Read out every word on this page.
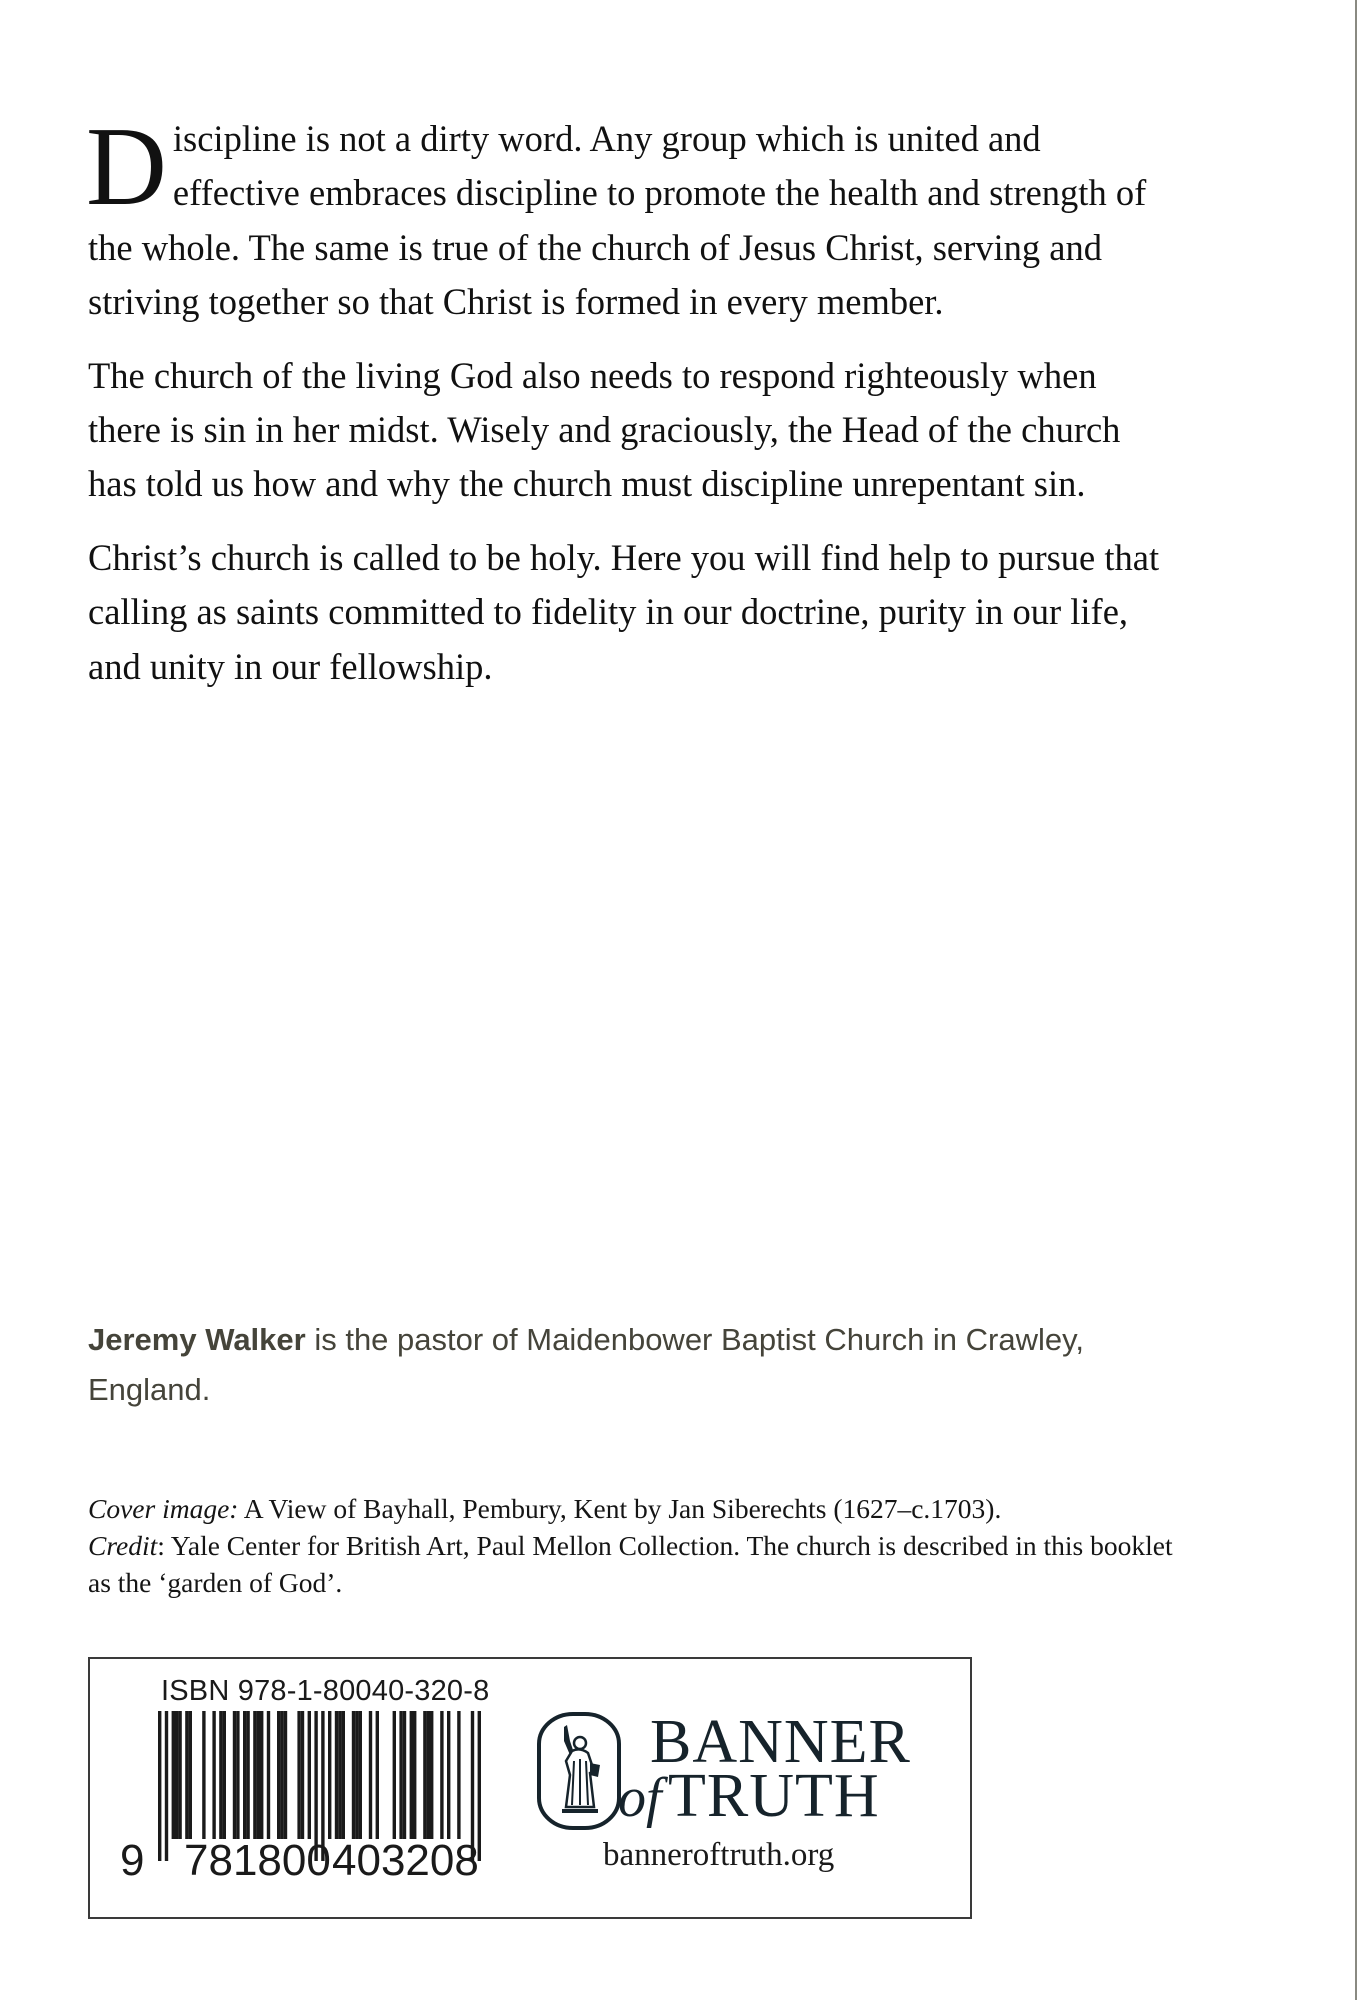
Discipline is not a dirty word. Any group which is united and effective embraces discipline to promote the health and strength of the whole. The same is true of the church of Jesus Christ, serving and striving together so that Christ is formed in every member.

The church of the living God also needs to respond righteously when there is sin in her midst. Wisely and graciously, the Head of the church has told us how and why the church must discipline unrepentant sin.

Christ’s church is called to be holy. Here you will find help to pursue that calling as saints committed to fidelity in our doctrine, purity in our life, and unity in our fellowship.

Jeremy Walker is the pastor of Maidenbower Baptist Church in Crawley, England.
Cover image: A View of Bayhall, Pembury, Kent by Jan Siberechts (1627–c.1703).
Credit: Yale Center for British Art, Paul Mellon Collection. The church is described in this booklet as the ‘garden of God’.
ISBN 978-1-80040-320-8
9 781800 403208
BANNER
of TRUTH
banneroftruth.org
